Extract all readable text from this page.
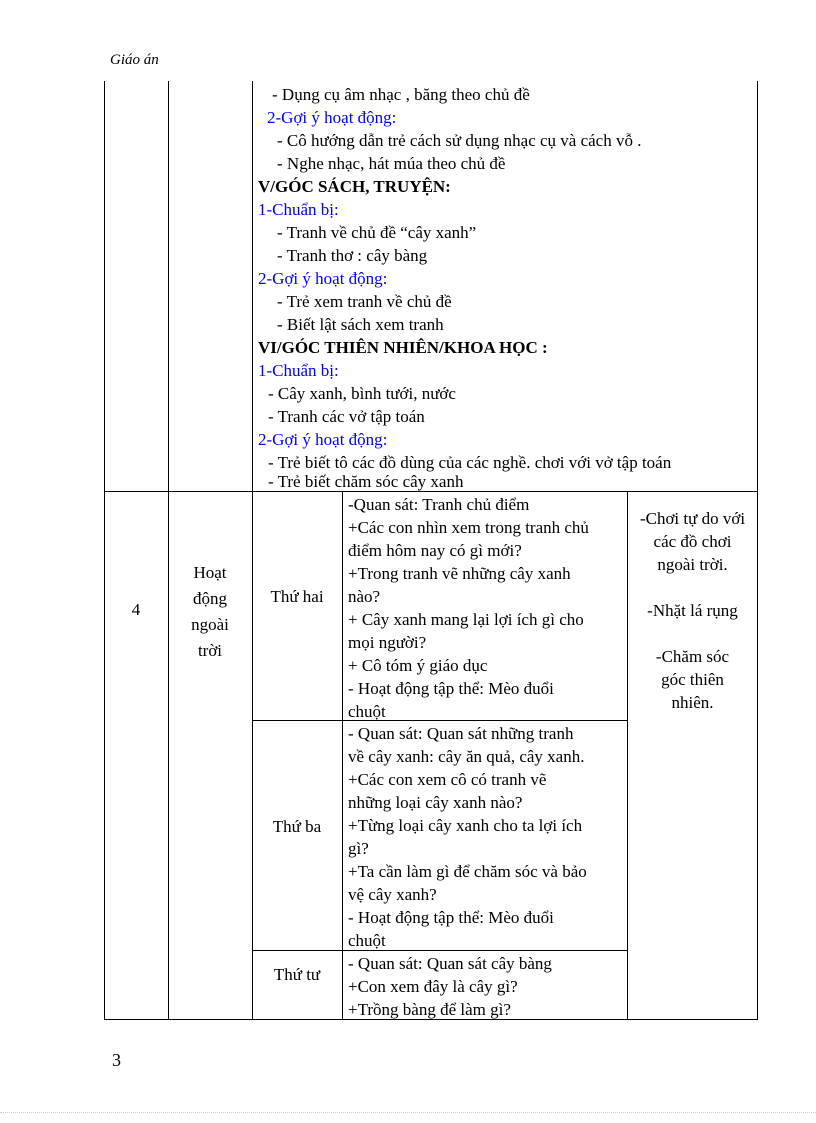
Giáo án
- Dụng cụ âm nhạc , băng theo chủ đề
2-Gợi ý hoạt động:
- Cô hướng dẫn trẻ cách sử dụng nhạc cụ và cách vỗ .
- Nghe nhạc, hát múa theo chủ đề
V/GÓC SÁCH, TRUYỆN:
1-Chuẩn bị:
- Tranh về chủ đề “cây xanh”
- Tranh thơ : cây bàng
2-Gợi ý hoạt động:
- Trẻ xem tranh về chủ đề
- Biết lật sách xem tranh
VI/GÓC THIÊN NHIÊN/KHOA HỌC :
1-Chuẩn bị:
- Cây xanh, bình tưới, nước
- Tranh các vở tập toán
2-Gợi ý hoạt động:
- Trẻ biết tô các đồ dùng của các nghề. chơi với vở tập toán
- Trẻ biết chăm sóc cây xanh
4
Hoạt
động
ngoài
trời
Thứ hai
-Quan sát: Tranh chủ điểm
+Các con nhìn xem trong tranh chủ
điểm hôm nay có gì mới?
+Trong tranh vẽ những cây xanh
nào?
+ Cây xanh mang lại lợi ích gì cho
mọi người?
+ Cô tóm ý giáo dục
- Hoạt động tập thể: Mèo đuổi
chuột
Thứ ba
- Quan sát: Quan sát những tranh
về cây xanh: cây ăn quả, cây xanh.
+Các con xem cô có tranh vẽ
những loại cây xanh nào?
+Từng loại cây xanh cho ta lợi ích
gì?
+Ta cần làm gì để chăm sóc và bảo
vệ cây xanh?
- Hoạt động tập thể: Mèo đuổi
chuột
Thứ tư
- Quan sát: Quan sát cây bàng
+Con xem đây là cây gì?
+Trồng bàng để làm gì?
-Chơi tự do với
các đồ chơi
ngoài trời.

-Nhặt lá rụng

-Chăm sóc
góc thiên
nhiên.
3
